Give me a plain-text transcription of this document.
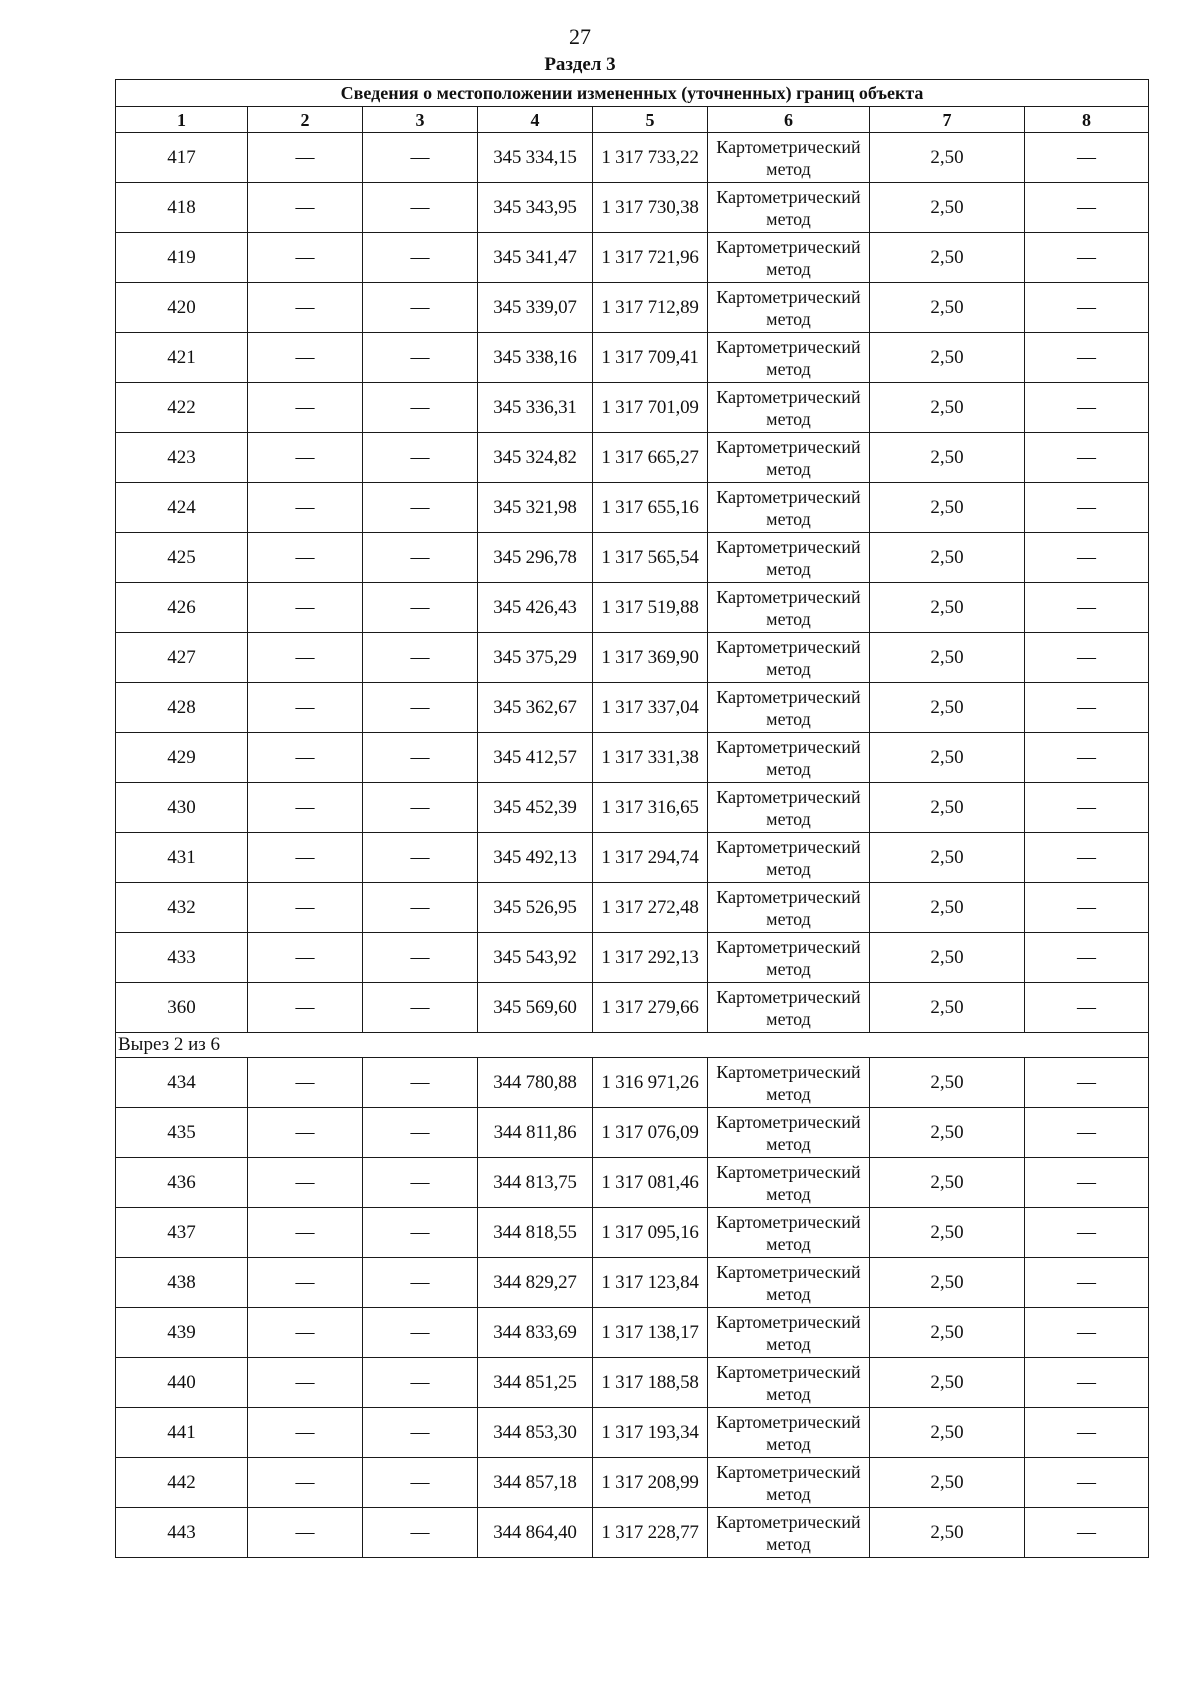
27
Раздел 3
Сведения о местоположении измененных (уточненных) границ объекта							
1	2	3	4	5	6	7	8
417	—	—	345 334,15	1 317 733,22	Картометрический метод	2,50	—
418	—	—	345 343,95	1 317 730,38	Картометрический метод	2,50	—
419	—	—	345 341,47	1 317 721,96	Картометрический метод	2,50	—
420	—	—	345 339,07	1 317 712,89	Картометрический метод	2,50	—
421	—	—	345 338,16	1 317 709,41	Картометрический метод	2,50	—
422	—	—	345 336,31	1 317 701,09	Картометрический метод	2,50	—
423	—	—	345 324,82	1 317 665,27	Картометрический метод	2,50	—
424	—	—	345 321,98	1 317 655,16	Картометрический метод	2,50	—
425	—	—	345 296,78	1 317 565,54	Картометрический метод	2,50	—
426	—	—	345 426,43	1 317 519,88	Картометрический метод	2,50	—
427	—	—	345 375,29	1 317 369,90	Картометрический метод	2,50	—
428	—	—	345 362,67	1 317 337,04	Картометрический метод	2,50	—
429	—	—	345 412,57	1 317 331,38	Картометрический метод	2,50	—
430	—	—	345 452,39	1 317 316,65	Картометрический метод	2,50	—
431	—	—	345 492,13	1 317 294,74	Картометрический метод	2,50	—
432	—	—	345 526,95	1 317 272,48	Картометрический метод	2,50	—
433	—	—	345 543,92	1 317 292,13	Картометрический метод	2,50	—
360	—	—	345 569,60	1 317 279,66	Картометрический метод	2,50	—
Вырез 2 из 6							
434	—	—	344 780,88	1 316 971,26	Картометрический метод	2,50	—
435	—	—	344 811,86	1 317 076,09	Картометрический метод	2,50	—
436	—	—	344 813,75	1 317 081,46	Картометрический метод	2,50	—
437	—	—	344 818,55	1 317 095,16	Картометрический метод	2,50	—
438	—	—	344 829,27	1 317 123,84	Картометрический метод	2,50	—
439	—	—	344 833,69	1 317 138,17	Картометрический метод	2,50	—
440	—	—	344 851,25	1 317 188,58	Картометрический метод	2,50	—
441	—	—	344 853,30	1 317 193,34	Картометрический метод	2,50	—
442	—	—	344 857,18	1 317 208,99	Картометрический метод	2,50	—
443	—	—	344 864,40	1 317 228,77	Картометрический метод	2,50	—
